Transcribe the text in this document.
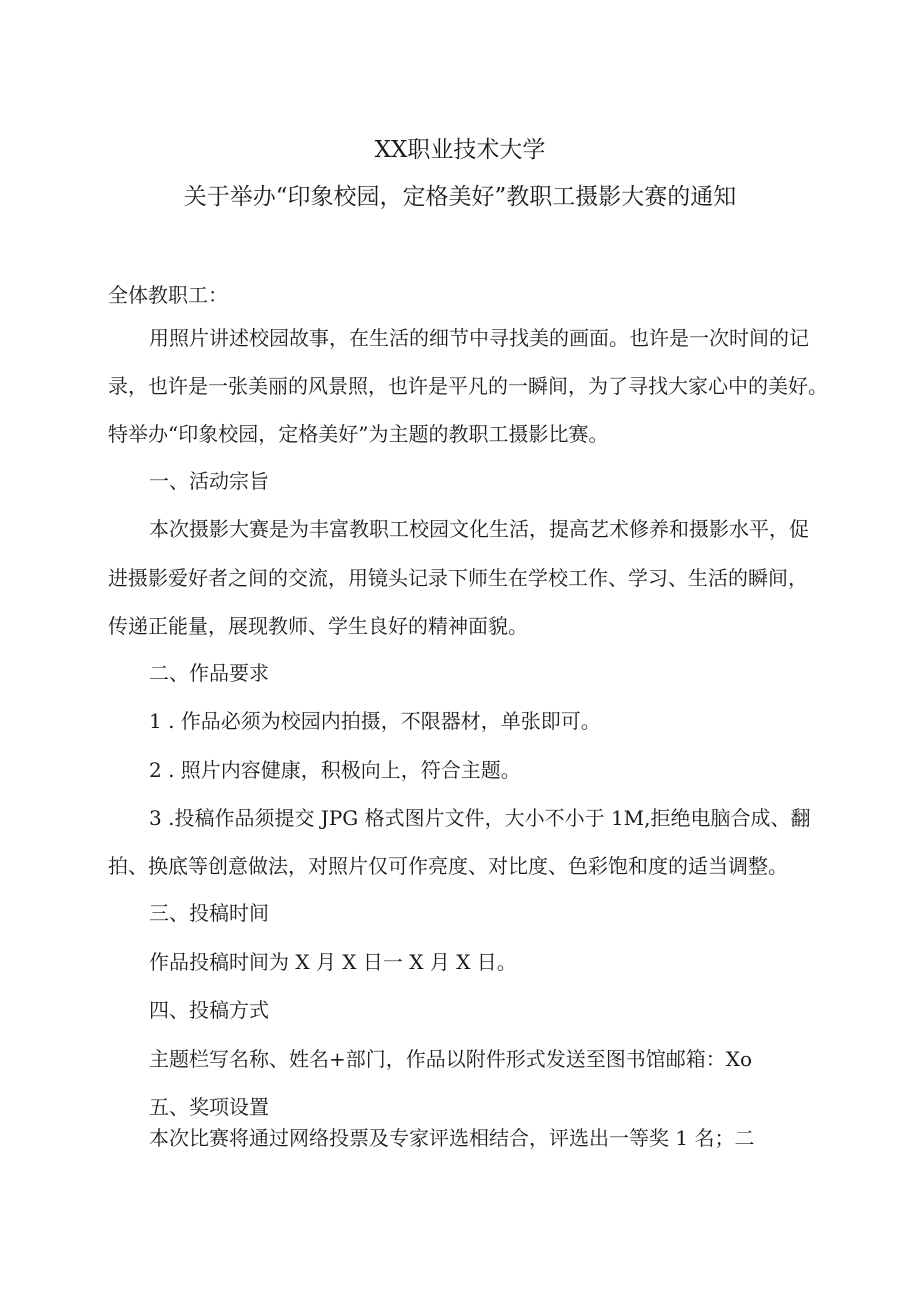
XX职业技术大学
关于举办“印象校园，定格美好”教职工摄影大赛的通知
全体教职工：
用照片讲述校园故事，在生活的细节中寻找美的画面。也许是一次时间的记
录，也许是一张美丽的风景照，也许是平凡的一瞬间，为了寻找大家心中的美好。
特举办“印象校园，定格美好”为主题的教职工摄影比赛。
一、活动宗旨
本次摄影大赛是为丰富教职工校园文化生活，提高艺术修养和摄影水平，促
进摄影爱好者之间的交流，用镜头记录下师生在学校工作、学习、生活的瞬间，
传递正能量，展现教师、学生良好的精神面貌。
二、作品要求
1 . 作品必须为校园内拍摄，不限器材，单张即可。
2 . 照片内容健康，积极向上，符合主题。
3 .投稿作品须提交 JPG 格式图片文件，大小不小于 1M,拒绝电脑合成、翻
拍、换底等创意做法，对照片仅可作亮度、对比度、色彩饱和度的适当调整。
三、投稿时间
作品投稿时间为 X 月 X 日一 X 月 X 日。
四、投稿方式
主题栏写名称、姓名+部门，作品以附件形式发送至图书馆邮箱：Xo
五、奖项设置
本次比赛将通过网络投票及专家评选相结合，评选出一等奖 1 名；二
